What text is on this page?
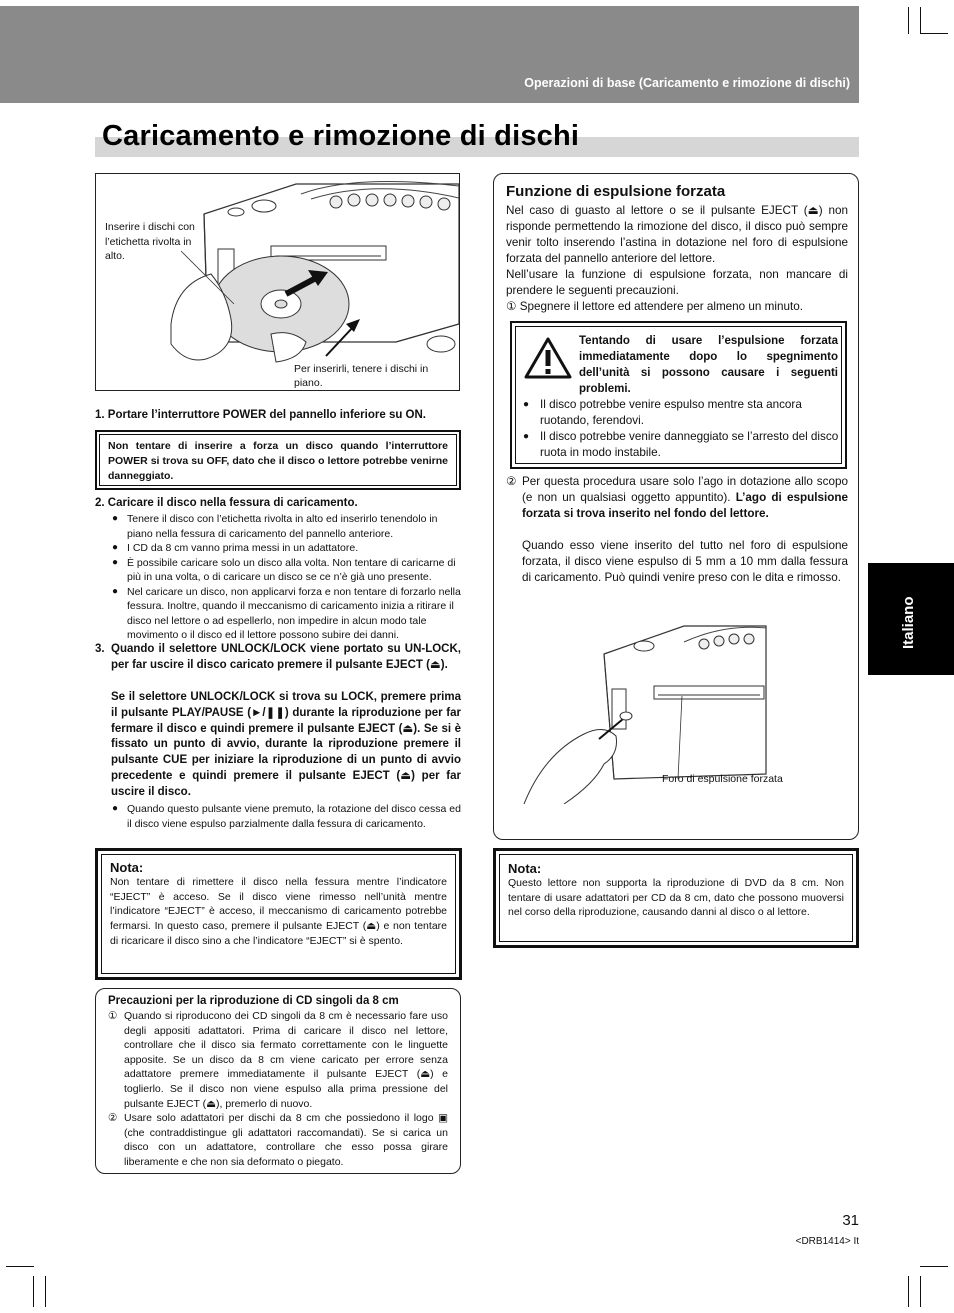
Operazioni di base (Caricamento e rimozione di dischi)
Caricamento e rimozione di dischi
Inserire i dischi con l’etichetta rivolta in alto.
Per inserirli, tenere i dischi in piano.
1. Portare l’interruttore POWER del pannello inferiore su ON.
Non tentare di inserire a forza un disco quando l’interruttore POWER si trova su OFF, dato che il disco o lettore potrebbe venirne danneggiato.
2. Caricare il disco nella fessura di caricamento.
● Tenere il disco con l’etichetta rivolta in alto ed inserirlo tenendolo in piano nella fessura di caricamento del pannello anteriore.
● I CD da 8 cm vanno prima messi in un adattatore.
● È possibile caricare solo un disco alla volta. Non tentare di caricarne di più in una volta, o di caricare un disco se ce n’è già uno presente.
● Nel caricare un disco, non applicarvi forza e non tentare di forzarlo nella fessura. Inoltre, quando il meccanismo di caricamento inizia a ritirare il disco nel lettore o ad espellerlo, non impedire in alcun modo tale movimento o il disco ed il lettore possono subire dei danni.
3. Quando il selettore UNLOCK/LOCK viene portato su UN-LOCK, per far uscire il disco caricato premere il pulsante EJECT (⏏).
Se il selettore UNLOCK/LOCK si trova su LOCK, premere prima il pulsante PLAY/PAUSE (►/❚❚) durante la riproduzione per far fermare il disco e quindi premere il pulsante EJECT (⏏). Se si è fissato un punto di avvio, durante la riproduzione premere il pulsante CUE per iniziare la riproduzione di un punto di avvio precedente e quindi premere il pulsante EJECT (⏏) per far uscire il disco.
● Quando questo pulsante viene premuto, la rotazione del disco cessa ed il disco viene espulso parzialmente dalla fessura di caricamento.
Nota:
Non tentare di rimettere il disco nella fessura mentre l’indicatore “EJECT” è acceso. Se il disco viene rimesso nell’unità mentre l’indicatore “EJECT” è acceso, il meccanismo di caricamento potrebbe fermarsi. In questo caso, premere il pulsante EJECT (⏏) e non tentare di ricaricare il disco sino a che l’indicatore “EJECT” si è spento.
Precauzioni per la riproduzione di CD singoli da 8 cm
① Quando si riproducono dei CD singoli da 8 cm è necessario fare uso degli appositi adattatori. Prima di caricare il disco nel lettore, controllare che il disco sia fermato correttamente con le linguette apposite. Se un disco da 8 cm viene caricato per errore senza adattatore premere immediatamente il pulsante EJECT (⏏) e toglierlo. Se il disco non viene espulso alla prima pressione del pulsante EJECT (⏏), premerlo di nuovo.
② Usare solo adattatori per dischi da 8 cm che possiedono il logo ▣ (che contraddistingue gli adattatori raccomandati). Se si carica un disco con un adattatore, controllare che esso possa girare liberamente e che non sia deformato o piegato.
Funzione di espulsione forzata
Nel caso di guasto al lettore o se il pulsante EJECT (⏏) non risponde permettendo la rimozione del disco, il disco può sempre venir tolto inserendo l’astina in dotazione nel foro di espulsione forzata del pannello anteriore del lettore.
Nell’usare la funzione di espulsione forzata, non mancare di prendere le seguenti precauzioni.
① Spegnere il lettore ed attendere per almeno un minuto.
Tentando di usare l’espulsione forzata immediatamente dopo lo spegnimento dell’unità si possono causare i seguenti problemi.
● Il disco potrebbe venire espulso mentre sta ancora ruotando, ferendovi.
● Il disco potrebbe venire danneggiato se l’arresto del disco ruota in modo instabile.
② Per questa procedura usare solo l’ago in dotazione allo scopo (e non un qualsiasi oggetto appuntito). L’ago di espulsione forzata si trova inserito nel fondo del lettore.
Quando esso viene inserito del tutto nel foro di espulsione forzata, il disco viene espulso di 5 mm a 10 mm dalla fessura di caricamento. Può quindi venire preso con le dita e rimosso.
Foro di espulsione forzata
Nota:
Questo lettore non supporta la riproduzione di DVD da 8 cm. Non tentare di usare adattatori per CD da 8 cm, dato che possono muoversi nel corso della riproduzione, causando danni al disco o al lettore.
Italiano
31
<DRB1414> It
